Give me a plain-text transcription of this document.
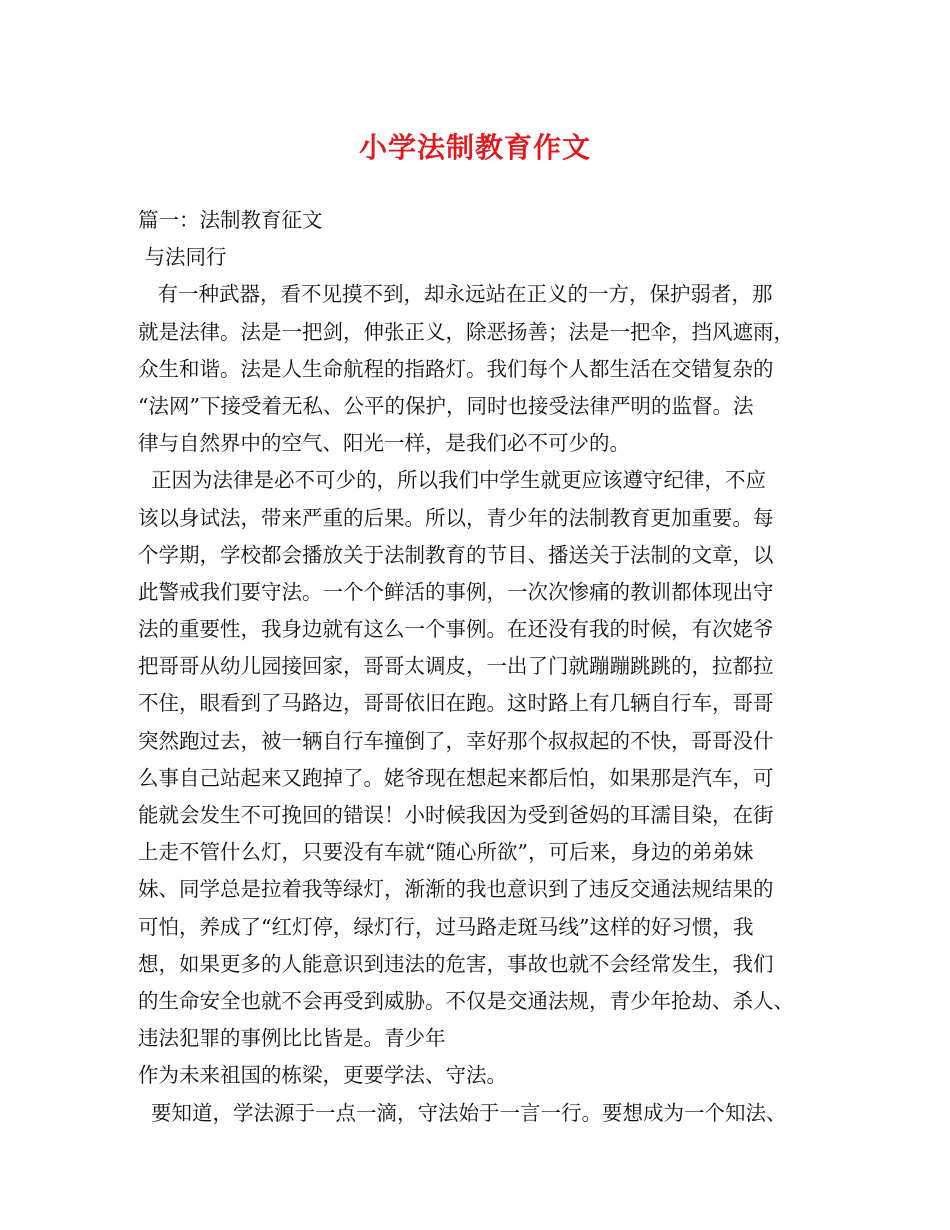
小学法制教育作文
篇一：法制教育征文
与法同行
有一种武器，看不见摸不到，却永远站在正义的一方，保护弱者，那
就是法律。法是一把剑，伸张正义，除恶扬善；法是一把伞，挡风遮雨，
众生和谐。法是人生命航程的指路灯。我们每个人都生活在交错复杂的
“法网”下接受着无私、公平的保护，同时也接受法律严明的监督。法
律与自然界中的空气、阳光一样，是我们必不可少的。
正因为法律是必不可少的，所以我们中学生就更应该遵守纪律，不应
该以身试法，带来严重的后果。所以，青少年的法制教育更加重要。每
个学期，学校都会播放关于法制教育的节目、播送关于法制的文章，以
此警戒我们要守法。一个个鲜活的事例，一次次惨痛的教训都体现出守
法的重要性，我身边就有这么一个事例。在还没有我的时候，有次姥爷
把哥哥从幼儿园接回家，哥哥太调皮，一出了门就蹦蹦跳跳的，拉都拉
不住，眼看到了马路边，哥哥依旧在跑。这时路上有几辆自行车，哥哥
突然跑过去，被一辆自行车撞倒了，幸好那个叔叔起的不快，哥哥没什
么事自己站起来又跑掉了。姥爷现在想起来都后怕，如果那是汽车，可
能就会发生不可挽回的错误！小时候我因为受到爸妈的耳濡目染，在街
上走不管什么灯，只要没有车就“随心所欲”，可后来，身边的弟弟妹
妹、同学总是拉着我等绿灯，渐渐的我也意识到了违反交通法规结果的
可怕，养成了“红灯停，绿灯行，过马路走斑马线”这样的好习惯，我
想，如果更多的人能意识到违法的危害，事故也就不会经常发生，我们
的生命安全也就不会再受到威胁。不仅是交通法规，青少年抢劫、杀人、
违法犯罪的事例比比皆是。青少年
作为未来祖国的栋梁，更要学法、守法。
要知道，学法源于一点一滴，守法始于一言一行。要想成为一个知法、
